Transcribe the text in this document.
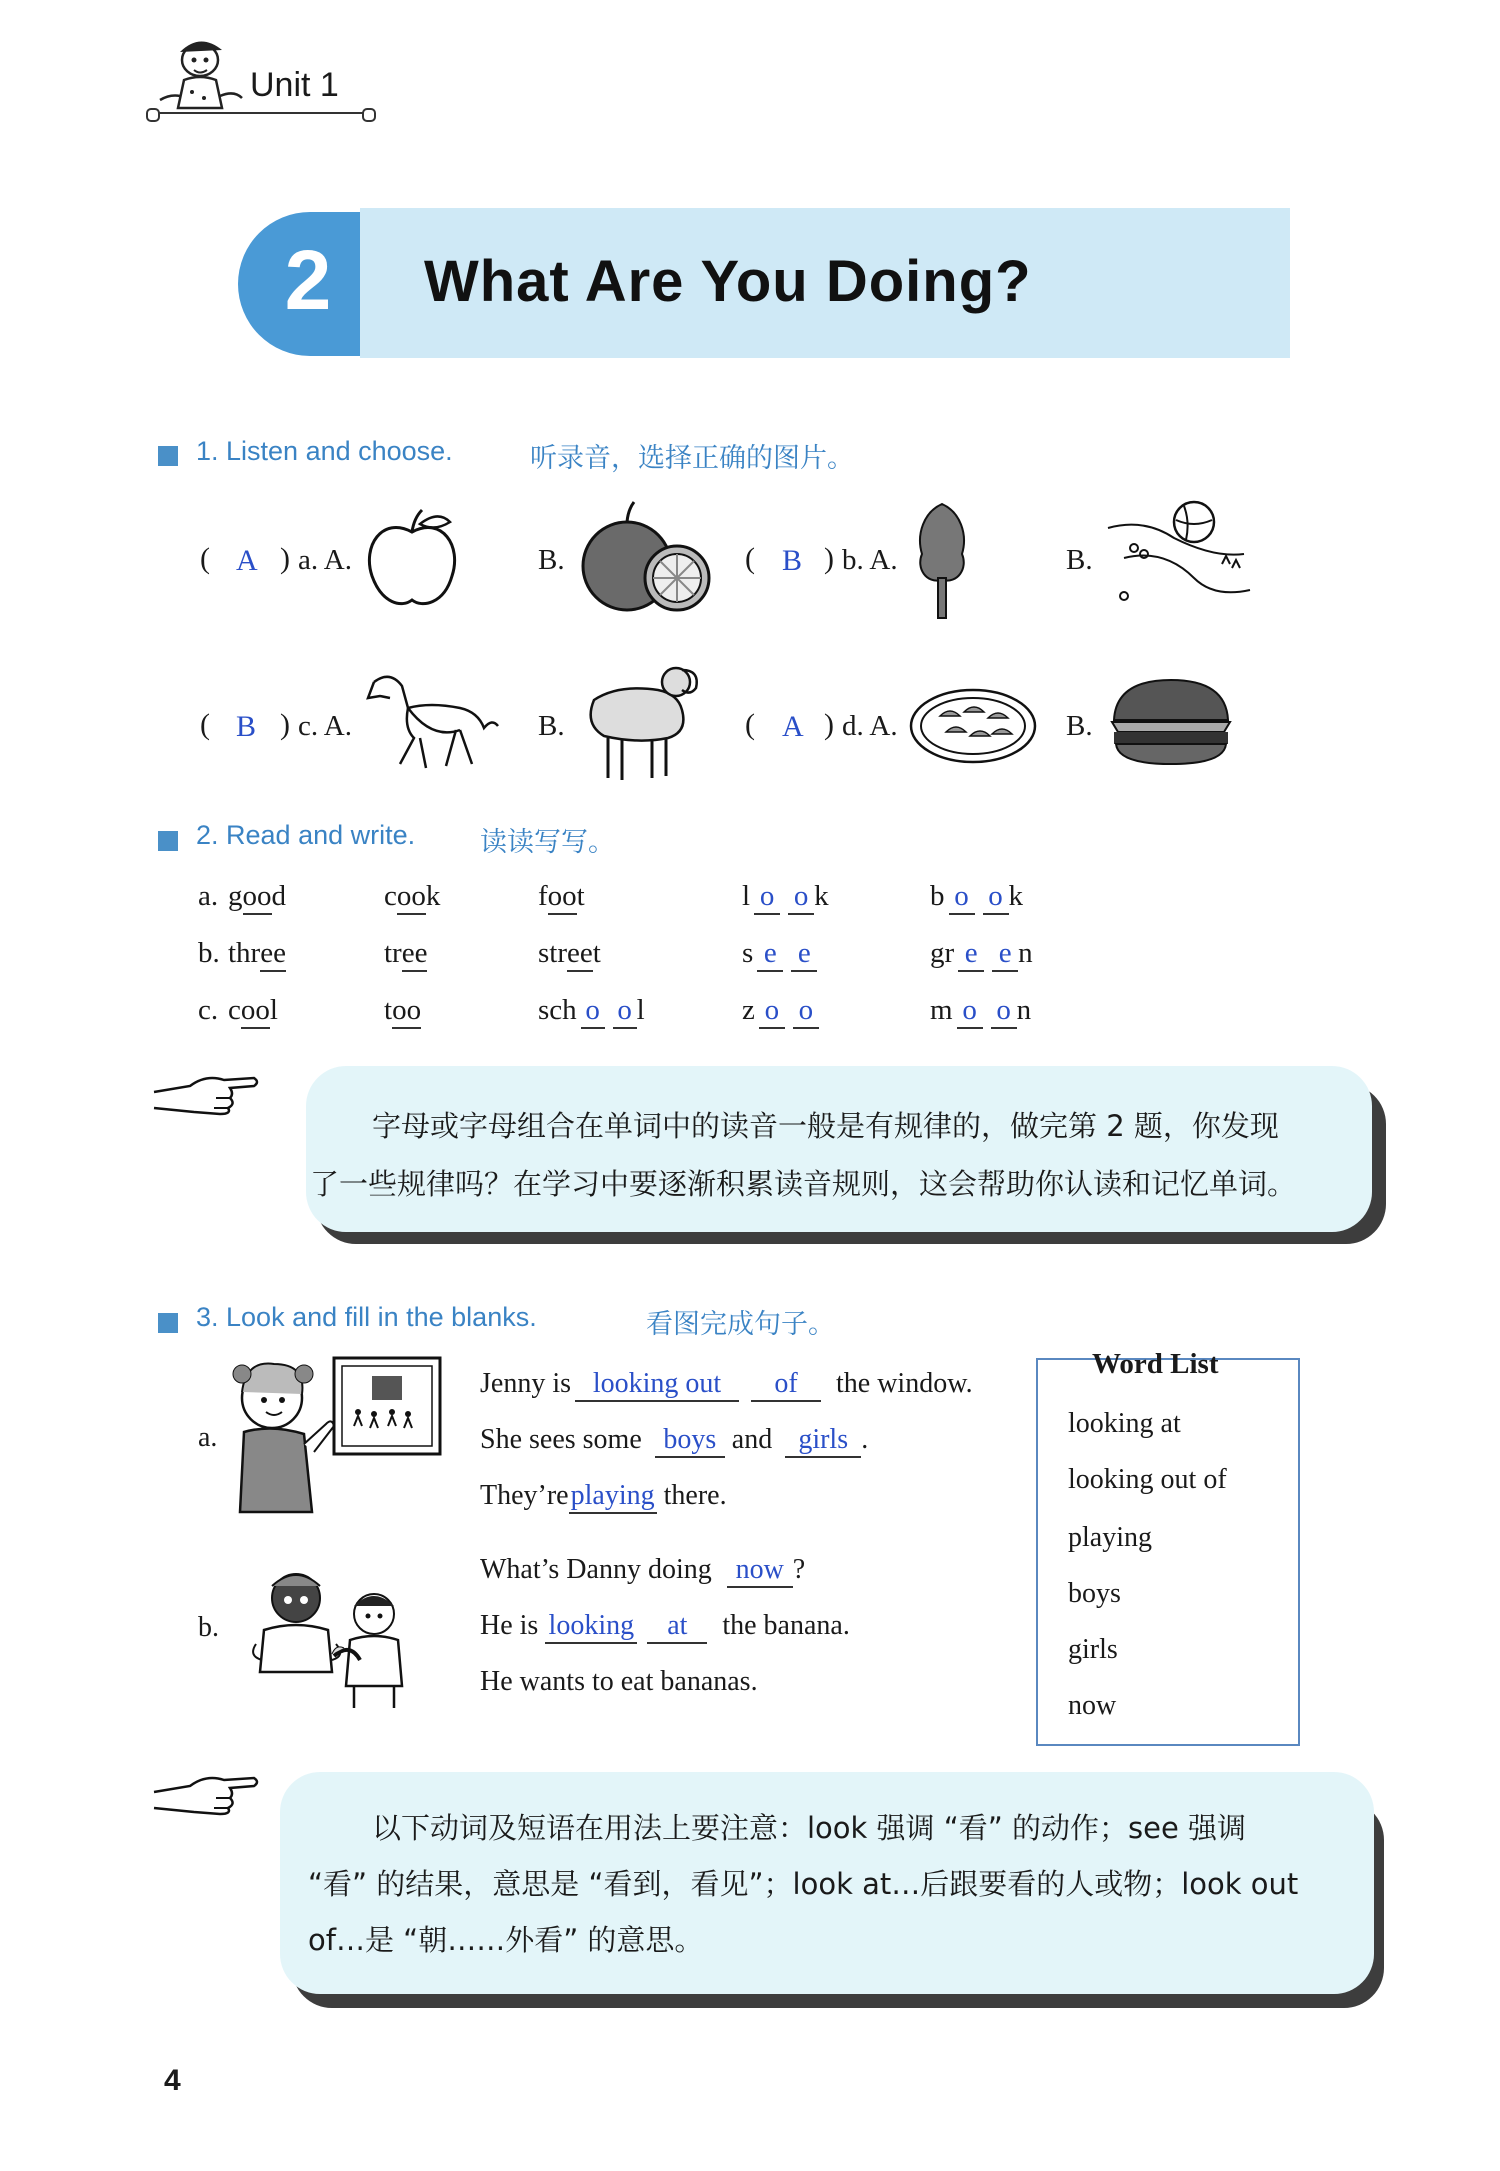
Unit 1
2 What Are You Doing?
1. Listen and choose.	听录音，选择正确的图片。
( A ) a. A.	B.	( B ) b. A.	B.
( B ) c. A.	B.	( A ) d. A.	B.
2. Read and write. 读读写写。
a. good	cook	foot	l o o k	b o o k
b. three	tree	street	s e e	gr e e n
c. cool	too	sch o o l	z o o	m o o n
字母或字母组合在单词中的读音一般是有规律的，做完第 2 题，你发现
了一些规律吗？在学习中要逐渐积累读音规则，这会帮助你认读和记忆单词。
3. Look and fill in the blanks.	看图完成句子。
a.
Jenny is looking out of the window.
She sees some boys and girls .
They’replaying there.
b.
What’s Danny doing now ?
He is looking at the banana.
He wants to eat bananas.
Word List
looking at
looking out of
playing
boys
girls
now
以下动词及短语在用法上要注意：look 强调 “看” 的动作；see 强调
“看” 的结果，意思是 “看到，看见”；look at…后跟要看的人或物；look out
of…是 “朝……外看” 的意思。
4
